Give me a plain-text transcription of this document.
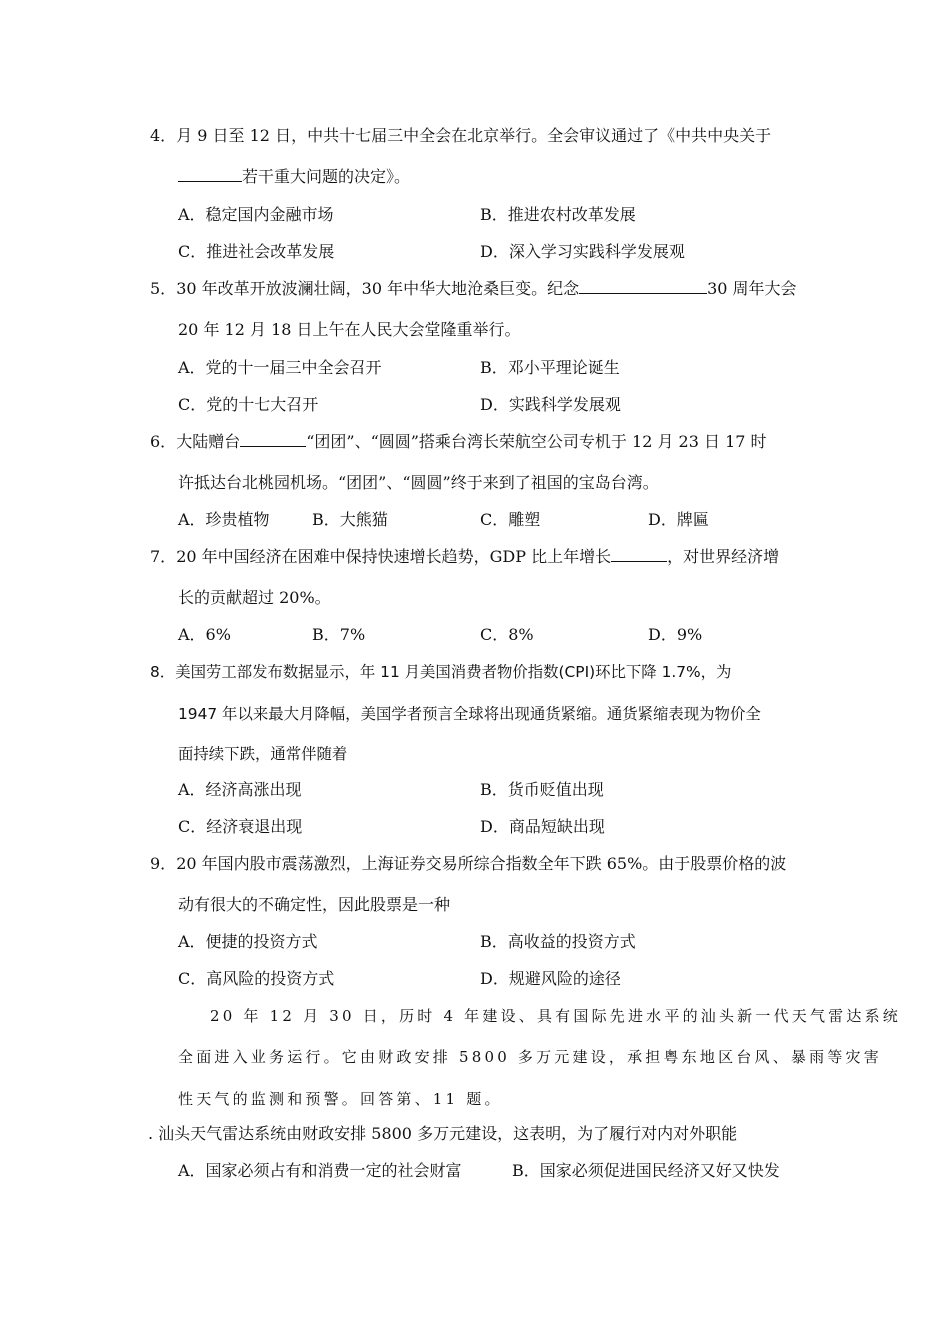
4．月 9 日至 12 日，中共十七届三中全会在北京举行。全会审议通过了《中共中央关于
若干重大问题的决定》。
A．稳定国内金融市场	B．推进农村改革发展
C．推进社会改革发展	D．深入学习实践科学发展观
5．30 年改革开放波澜壮阔，30 年中华大地沧桑巨变。纪念	30 周年大会
20 年 12 月 18 日上午在人民大会堂隆重举行。
A．党的十一届三中全会召开	B．邓小平理论诞生
C．党的十七大召开	D．实践科学发展观
6．大陆赠台	“团团”、“圆圆”搭乘台湾长荣航空公司专机于 12 月 23 日 17 时
许抵达台北桃园机场。“团团”、“圆圆”终于来到了祖国的宝岛台湾。
A．珍贵植物	B．大熊猫	C．雕塑	D．牌匾
7．20 年中国经济在困难中保持快速增长趋势，GDP 比上年增长	，对世界经济增
长的贡献超过 20%。
A．6%	B．7%	C．8%	D．9%
8．美国劳工部发布数据显示，年 11 月美国消费者物价指数(CPI)环比下降 1.7%，为
1947 年以来最大月降幅，美国学者预言全球将出现通货紧缩。通货紧缩表现为物价全
面持续下跌，通常伴随着
A．经济高涨出现	B．货币贬值出现
C．经济衰退出现	D．商品短缺出现
9．20 年国内股市震荡激烈，上海证券交易所综合指数全年下跌 65%。由于股票价格的波
动有很大的不确定性，因此股票是一种
A．便捷的投资方式	B．高收益的投资方式
C．高风险的投资方式	D．规避风险的途径
20 年 12 月 30 日，历时 4 年建设、具有国际先进水平的汕头新一代天气雷达系统
全面进入业务运行。它由财政安排 5800 多万元建设，承担粤东地区台风、暴雨等灾害
性天气的监测和预警。回答第、11 题。
. 汕头天气雷达系统由财政安排 5800 多万元建设，这表明，为了履行对内对外职能
A．国家必须占有和消费一定的社会财富	B．国家必须促进国民经济又好又快发
